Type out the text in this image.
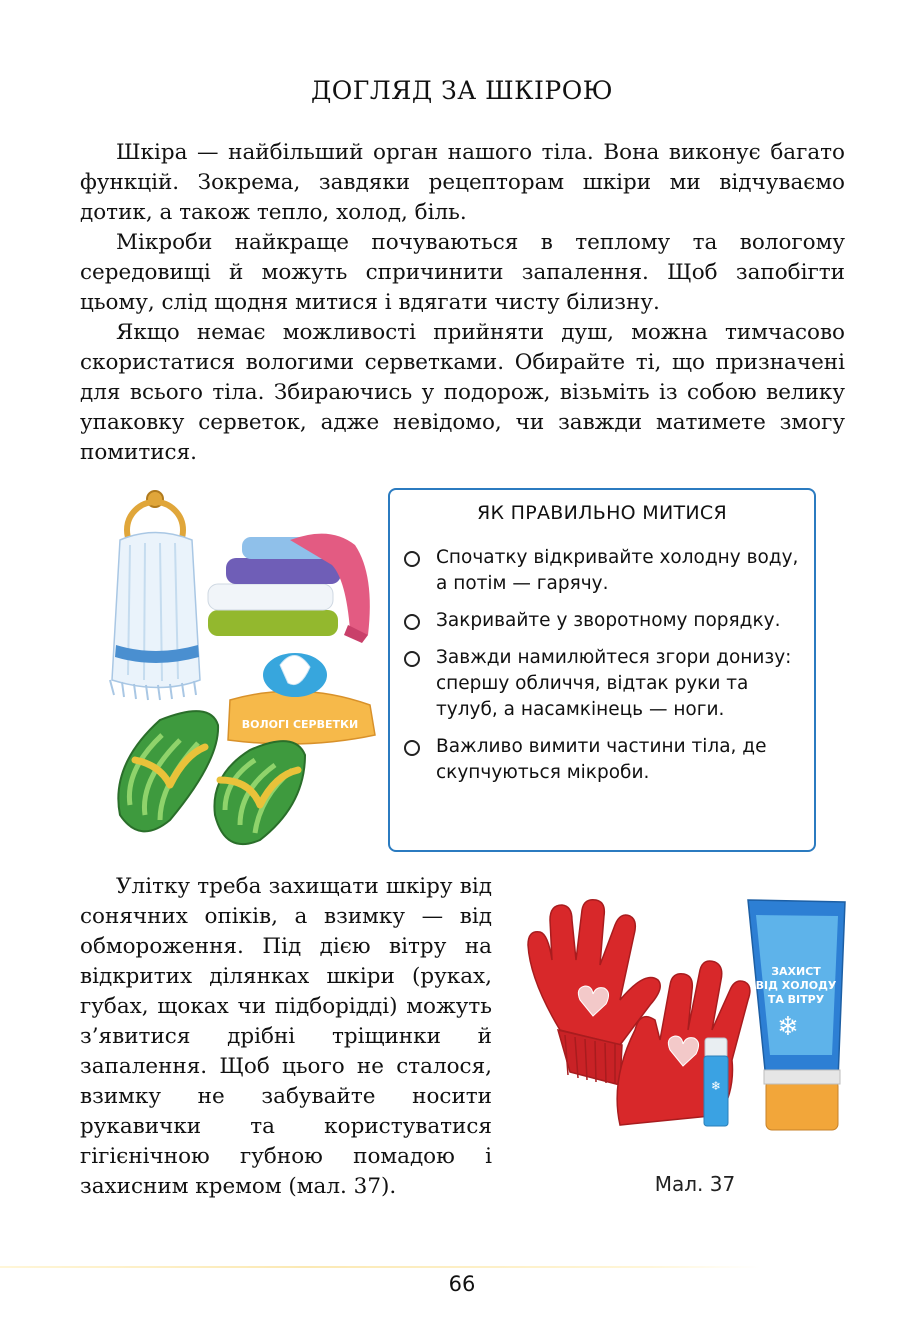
ДОГЛЯД ЗА ШКІРОЮ

Шкіра — найбільший орган нашого тіла. Вона виконує багато функцій. Зокрема, завдяки рецепторам шкіри ми відчуваємо дотик, а також тепло, холод, біль.

Мікроби найкраще почуваються в теплому та вологому середовищі й можуть спричинити запалення. Щоб запобігти цьому, слід щодня митися і вдягати чисту білизну.

Якщо немає можливості прийняти душ, можна тимчасово скористатися вологими серветками. Обирайте ті, що призначені для всього тіла. Збираючись у подорож, візьміть із собою велику упаковку серветок, адже невідомо, чи завжди матимете змогу помитися.

ВОЛОГІ СЕРВЕТКИ
ЯК ПРАВИЛЬНО МИТИСЯ
Спочатку відкривайте холодну воду, а потім — гарячу.
Закривайте у зворотному порядку.
Завжди намилюйтеся згори донизу: спершу обличчя, відтак руки та тулуб, а насамкінець — ноги.
Важливо вимити частини тіла, де скупчуються мікроби.

Улітку треба захищати шкіру від сонячних опіків, а взимку — від обмороження. Під дією вітру на відкритих ділянках шкіри (руках, губах, щоках чи підборідді) можуть з’явитися дрібні тріщинки й запалення. Щоб цього не сталося, взимку не забувайте носити рукавички та користуватися гігієнічною губною помадою і захисним кремом (мал. 37).

❄
ЗАХИСТ
ВІД ХОЛОДУ
ТА ВІТРУ
❄
Мал. 37
66
